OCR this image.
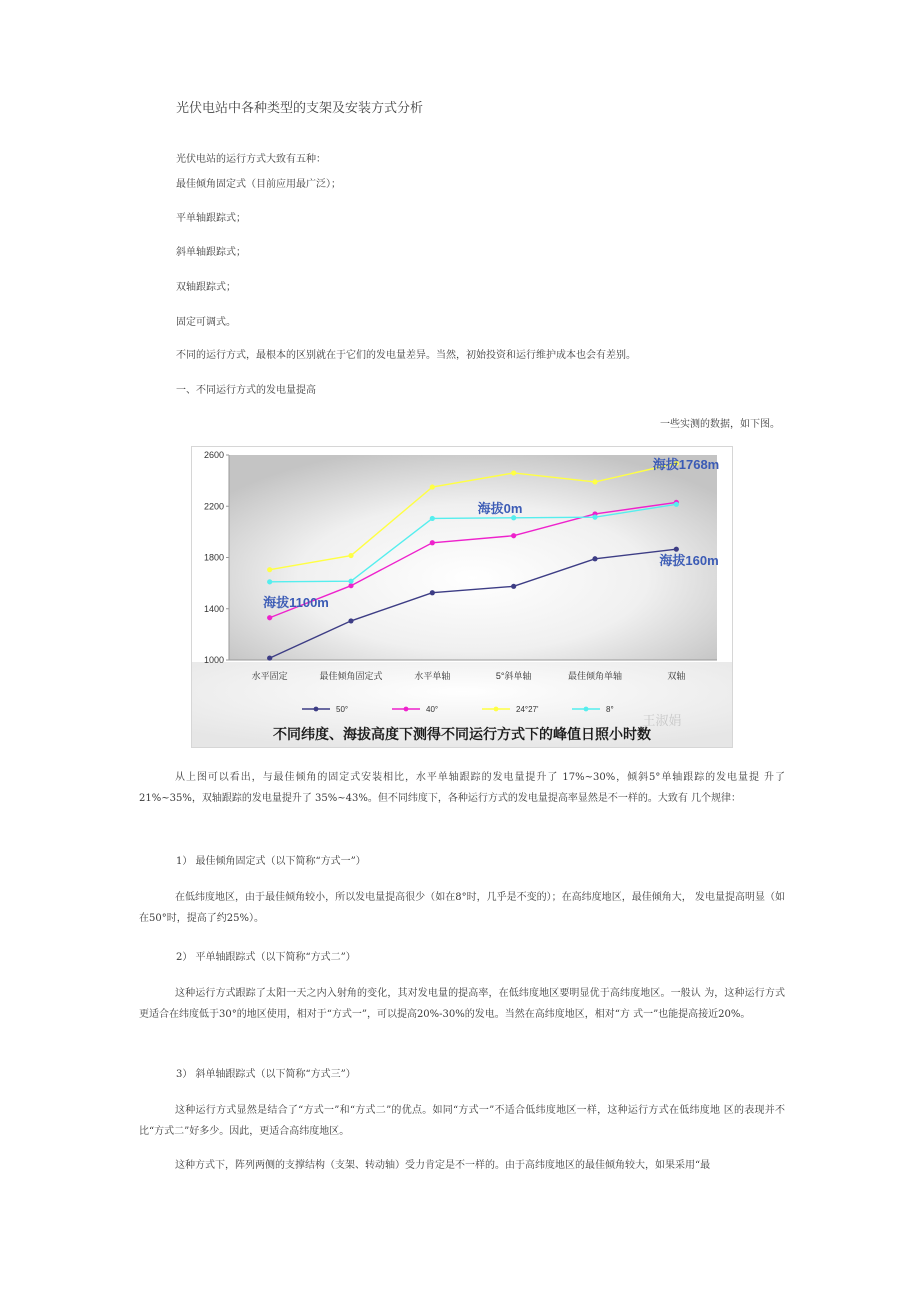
光伏电站中各种类型的支架及安装方式分析
光伏电站的运行方式大致有五种：
最佳倾角固定式（目前应用最广泛）；
平单轴跟踪式；
斜单轴跟踪式；
双轴跟踪式；
固定可调式。
不同的运行方式，最根本的区别就在于它们的发电量差异。当然，初始投资和运行维护成本也会有差别。
一、不同运行方式的发电量提高
一些实测的数据，如下图。
1000
1400
1800
2200
2600
水平固定	最佳倾角固定式	水平单轴	5°斜单轴	最佳倾角单轴	双轴
海拔1768m
海拔0m
海拔160m
海拔1100m
50°	40°	24°27'	8°
王淑娟
不同纬度、海拔高度下测得不同运行方式下的峰值日照小时数
从上图可以看出，与最佳倾角的固定式安装相比，水平单轴跟踪的发电量提升了 17%~30%，倾斜5°单轴跟踪的发电量提 升了 21%~35%，双轴跟踪的发电量提升了 35%~43%。但不同纬度下，各种运行方式的发电量提高率显然是不一样的。大致有 几个规律：
1） 最佳倾角固定式（以下简称“方式一”）
在低纬度地区，由于最佳倾角较小，所以发电量提高很少（如在8°时，几乎是不变的）；在高纬度地区，最佳倾角大， 发电量提高明显（如在50°时，提高了约25%）。
2） 平单轴跟踪式（以下简称“方式二”）
这种运行方式跟踪了太阳一天之内入射角的变化，其对发电量的提高率，在低纬度地区要明显优于高纬度地区。一般认 为，这种运行方式更适合在纬度低于30°的地区使用，相对于“方式一”，可以提高20%-30%的发电。当然在高纬度地区，相对“方 式一”也能提高接近20%。
3） 斜单轴跟踪式（以下简称“方式三”）
这种运行方式显然是结合了“方式一”和“方式二”的优点。如同“方式一”不适合低纬度地区一样，这种运行方式在低纬度地 区的表现并不比“方式二”好多少。因此，更适合高纬度地区。
这种方式下，阵列两侧的支撑结构（支架、转动轴）受力肯定是不一样的。由于高纬度地区的最佳倾角较大，如果采用“最
